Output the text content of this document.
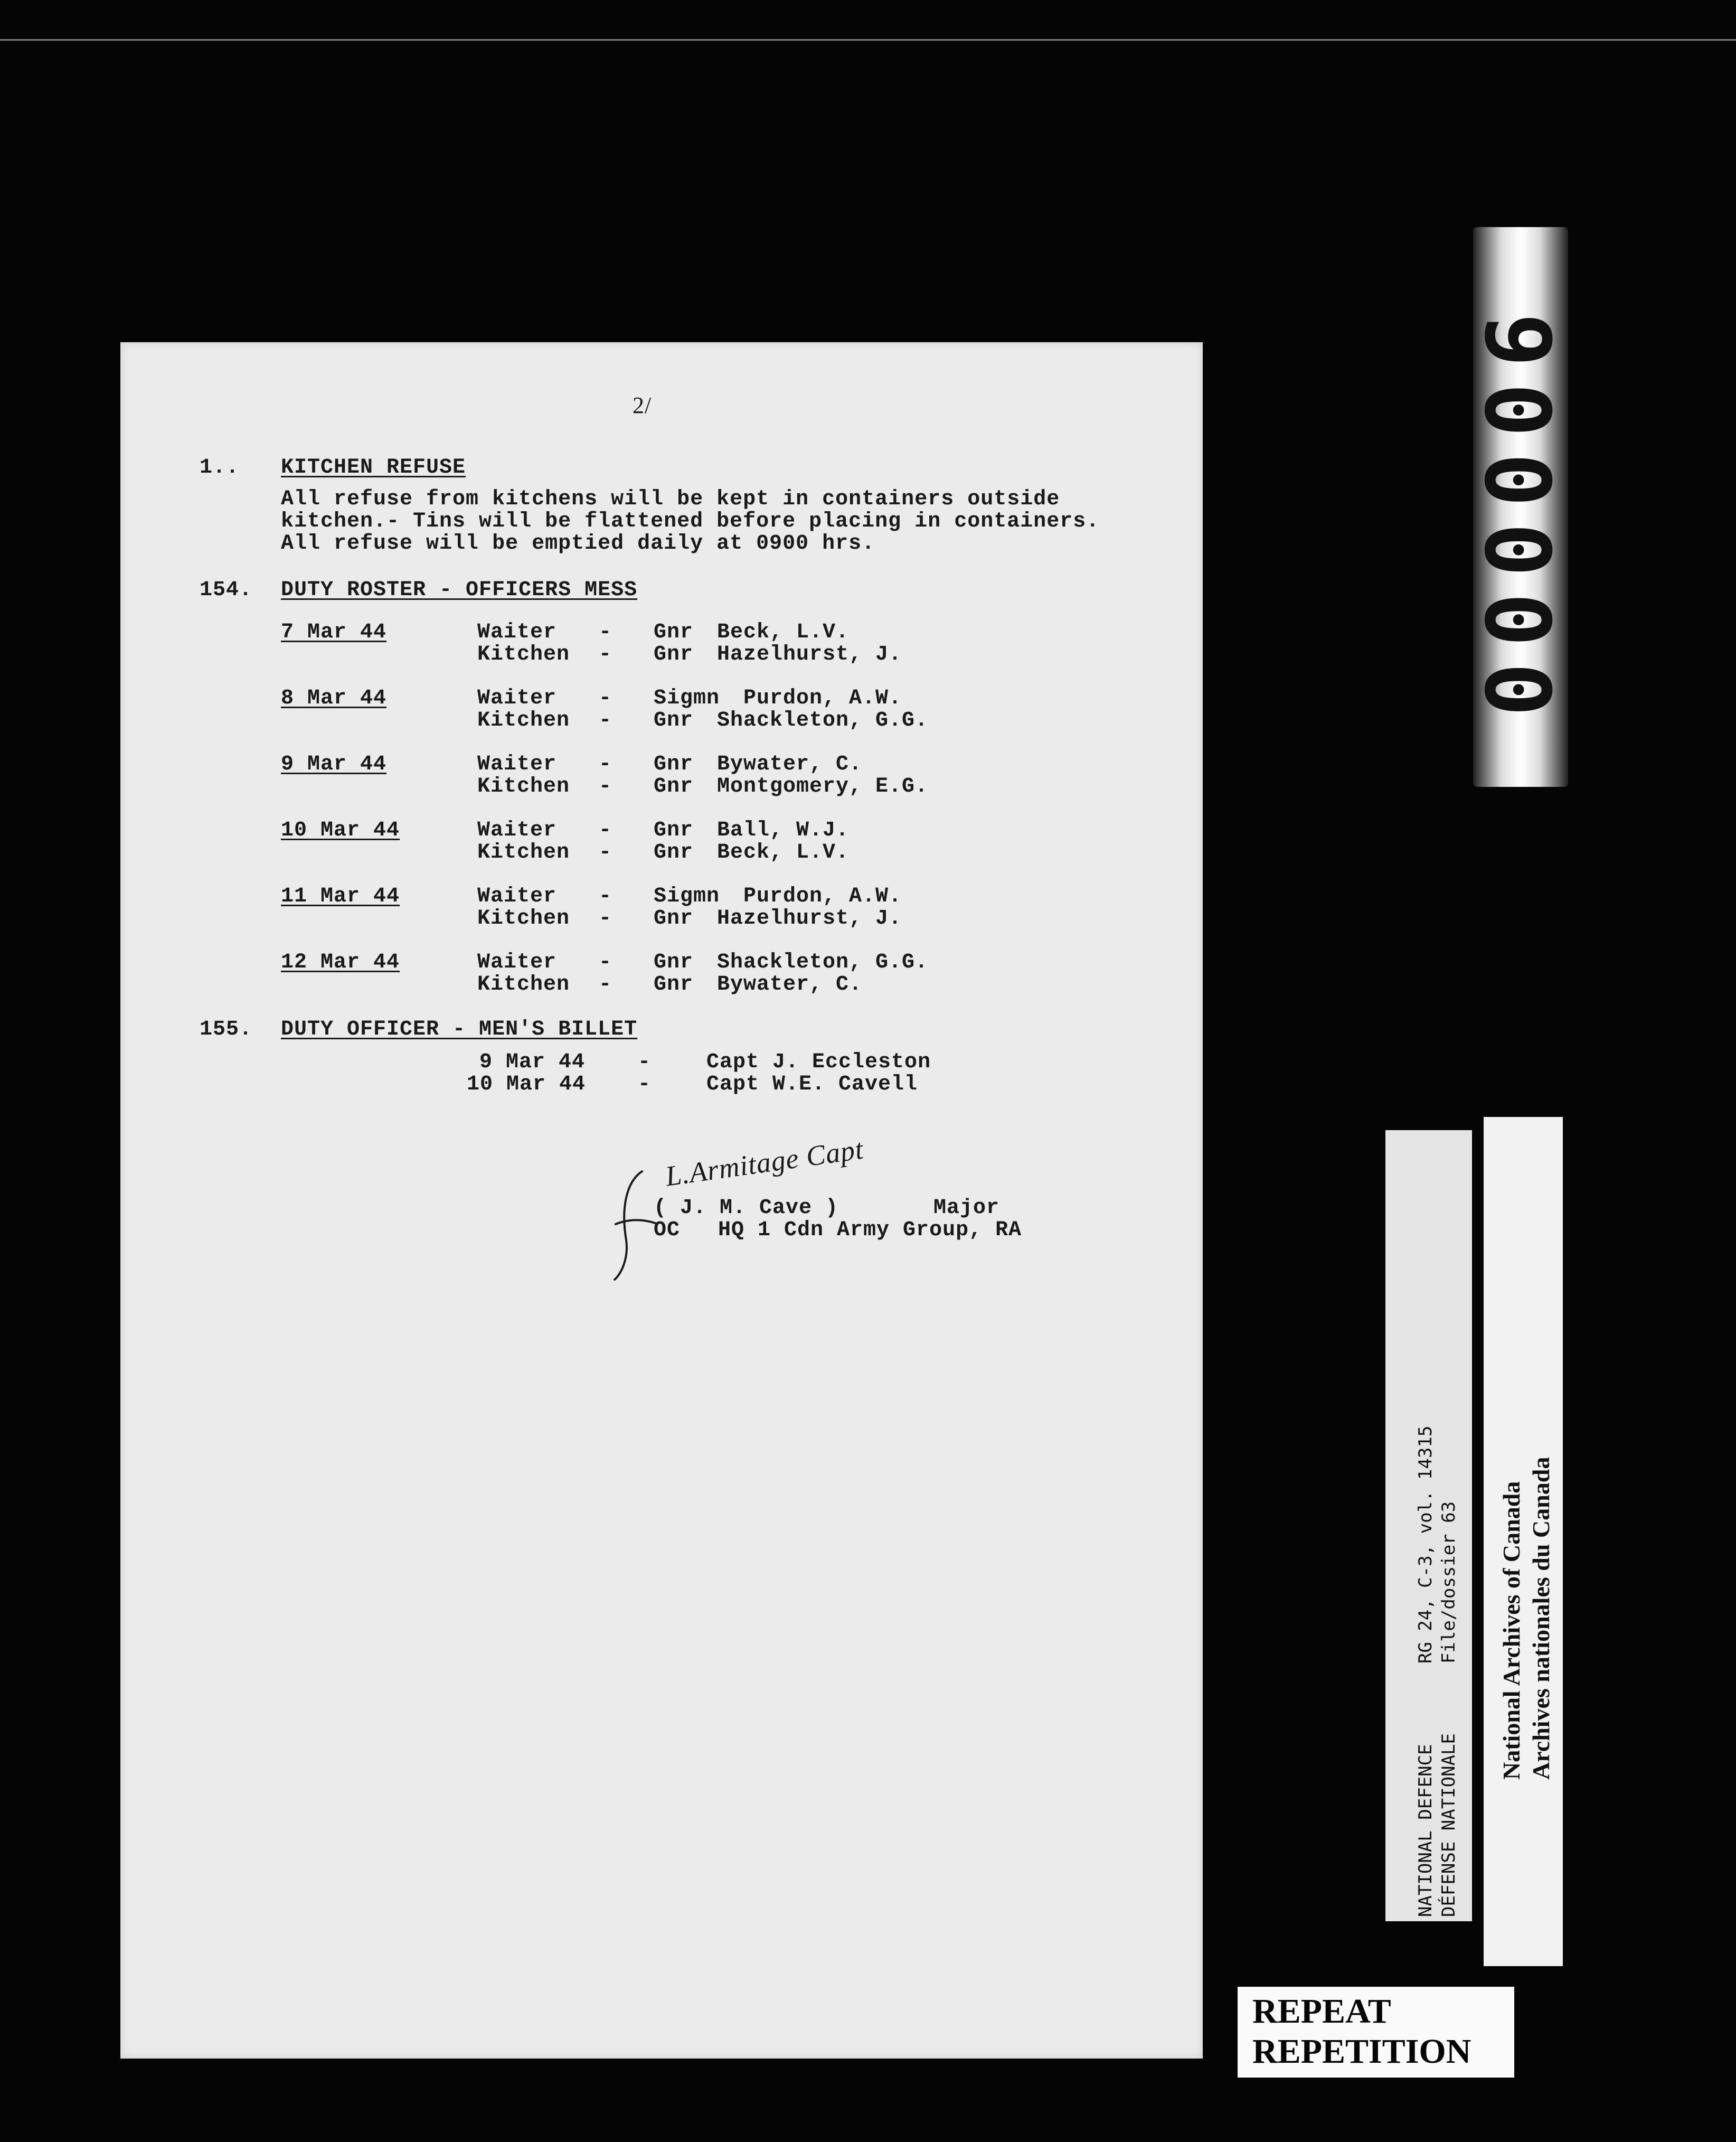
2/
1.. KITCHEN REFUSE
All refuse from kitchens will be kept in containers outside
kitchen.- Tins will be flattened before placing in containers.
All refuse will be emptied daily at 0900 hrs.
154. DUTY ROSTER - OFFICERS MESS
7 Mar 44	Waiter - Gnr Beck, L.V.
Kitchen - Gnr Hazelhurst, J.
8 Mar 44	Waiter - Sigmn Purdon, A.W.
Kitchen - Gnr Shackleton, G.G.
9 Mar 44	Waiter - Gnr Bywater, C.
Kitchen - Gnr Montgomery, E.G.
10 Mar 44	Waiter - Gnr Ball, W.J.
Kitchen - Gnr Beck, L.V.
11 Mar 44	Waiter - Sigmn Purdon, A.W.
Kitchen - Gnr Hazelhurst, J.
12 Mar 44	Waiter - Gnr Shackleton, G.G.
Kitchen - Gnr Bywater, C.
155. DUTY OFFICER - MEN'S BILLET
9 Mar 44 -	Capt J. Eccleston
10 Mar 44 -	Capt W.E. Cavell
L.Armitage Capt
( J. M. Cave )	Major
OC HQ 1 Cdn Army Group, RA
000006
RG 24, C-3, vol. 14315 File/dossier 63
NATIONAL DEFENCE DÉFENSE NATIONALE
National Archives of Canada Archives nationales du Canada
REPEAT
REPETITION
